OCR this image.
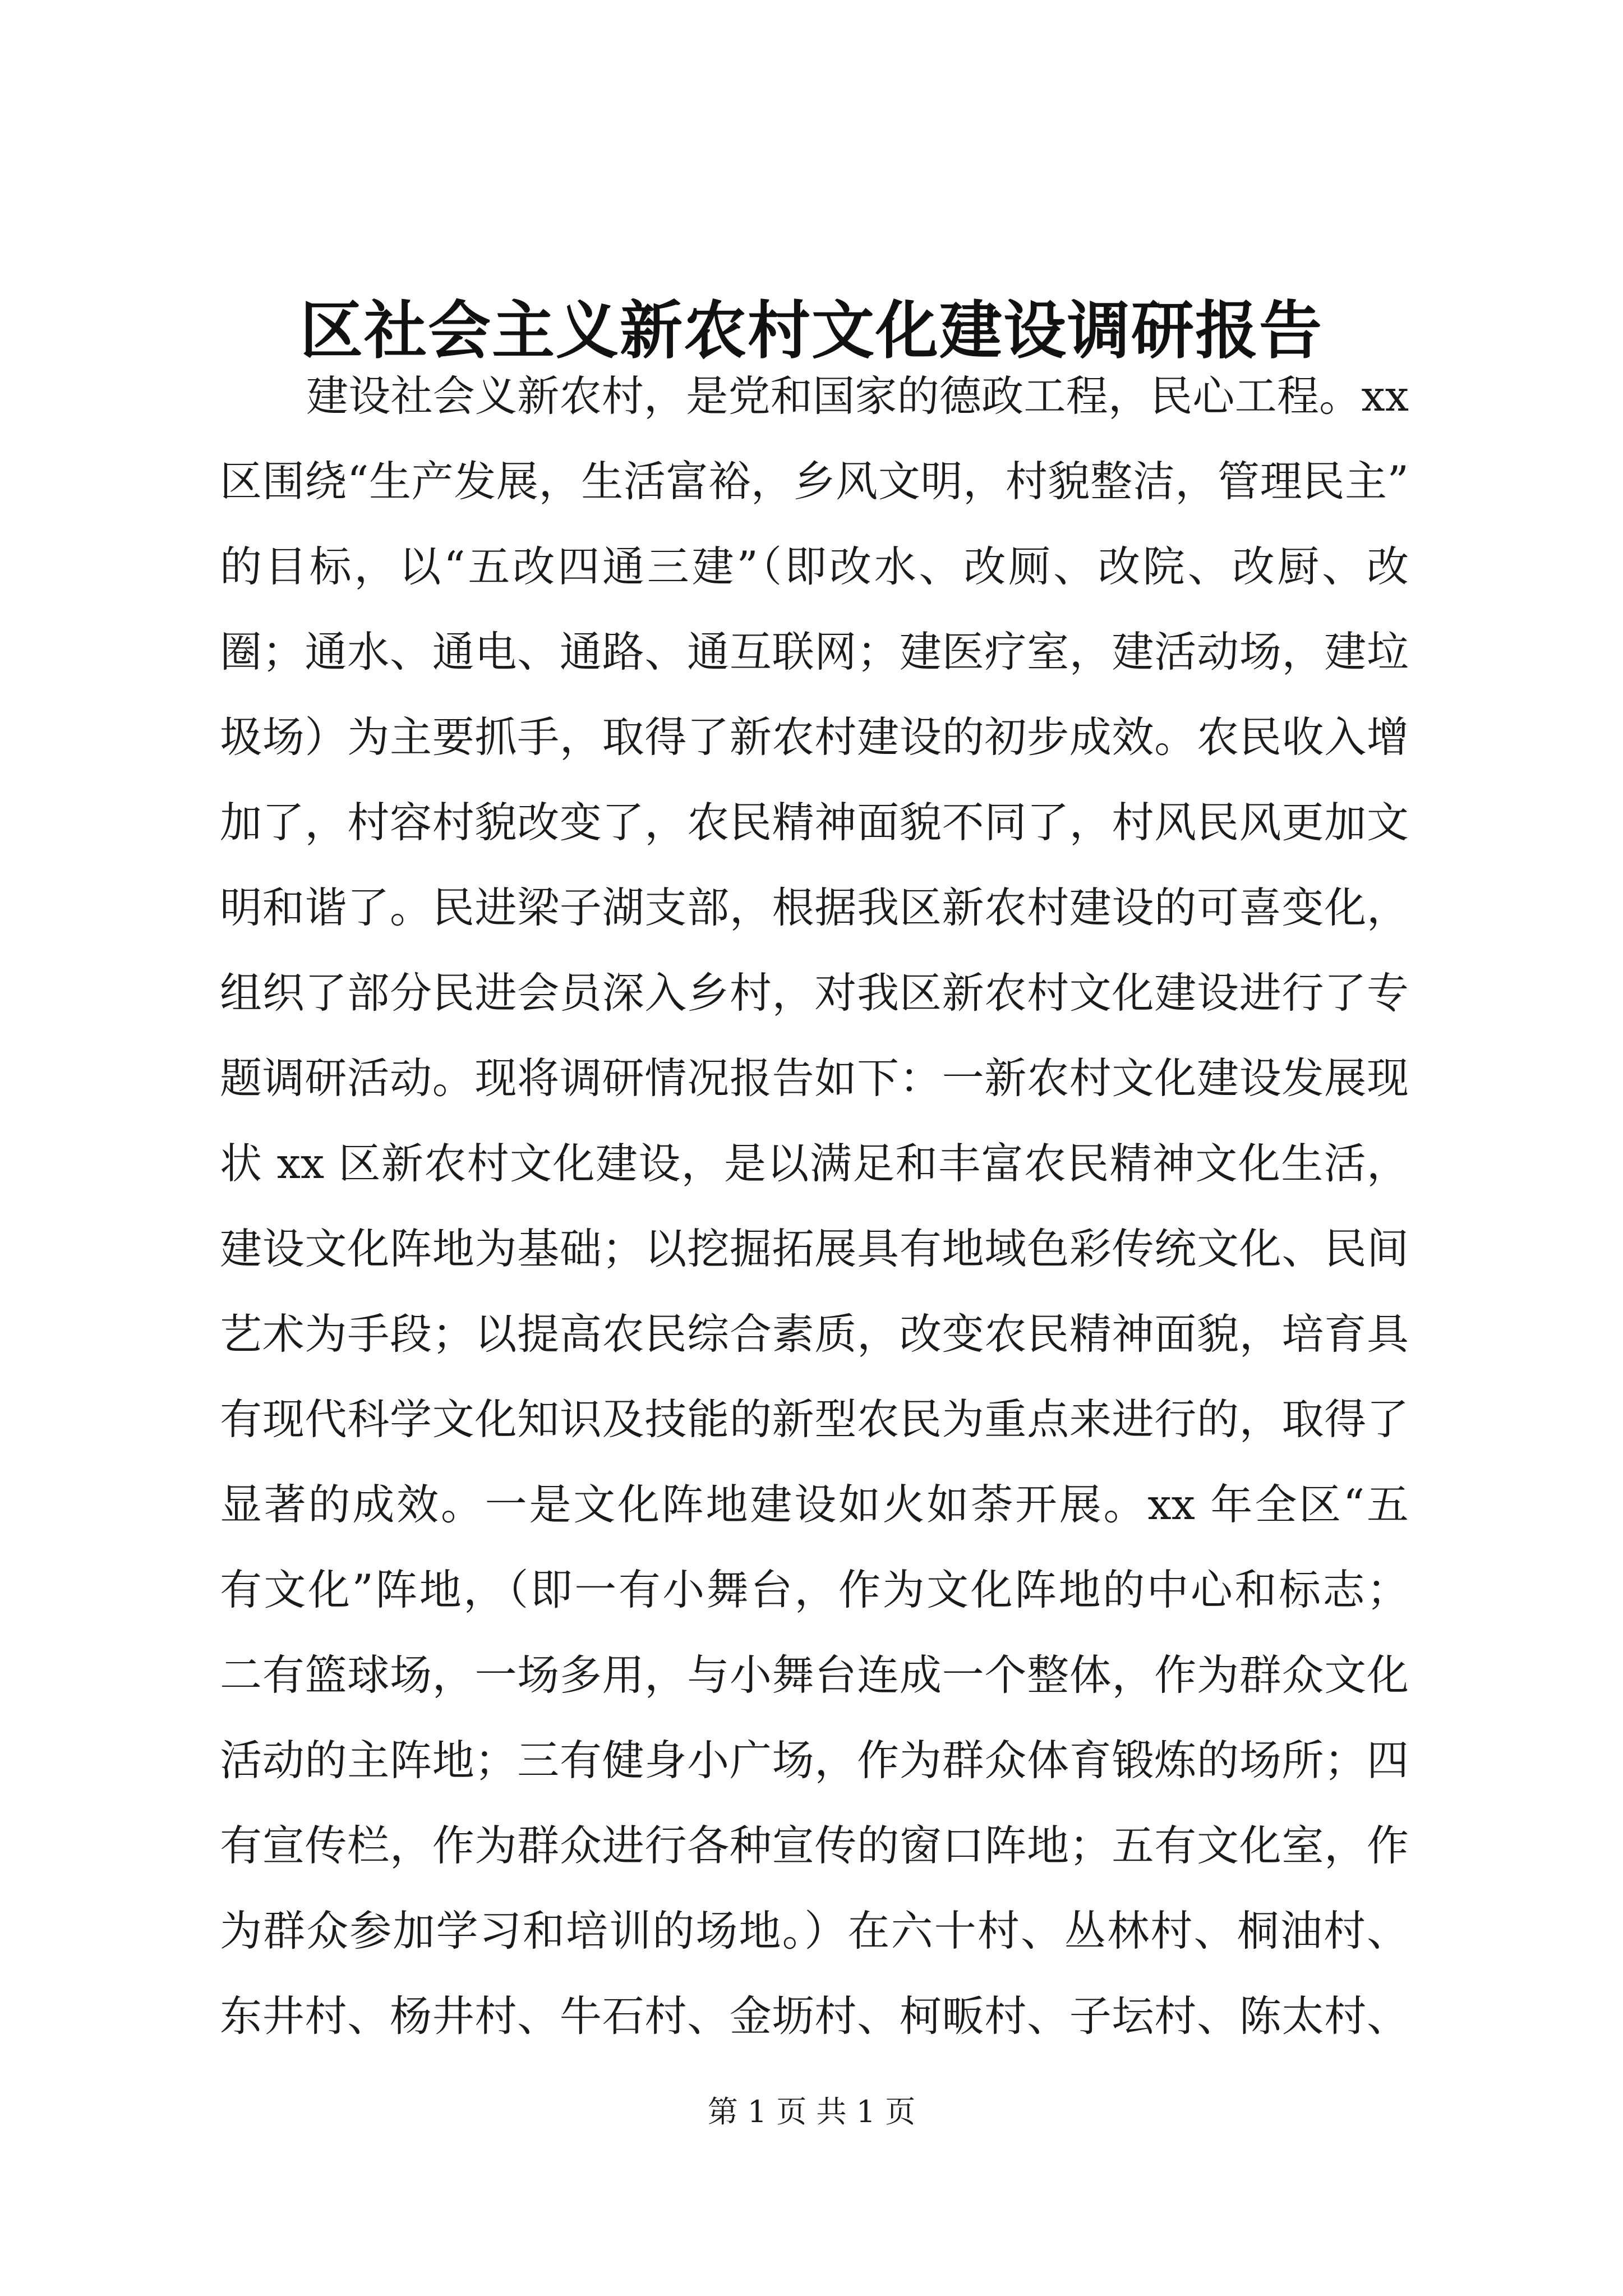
区社会主义新农村文化建设调研报告
建设社会义新农村，是党和国家的德政工程，民心工程。xx
区围绕“生产发展，生活富裕，乡风文明，村貌整洁，管理民主”
的目标，以“五改四通三建”（即改水、改厕、改院、改厨、改
圈；通水、通电、通路、通互联网；建医疗室，建活动场，建垃
圾场）为主要抓手，取得了新农村建设的初步成效。农民收入增
加了，村容村貌改变了，农民精神面貌不同了，村风民风更加文
明和谐了。民进梁子湖支部，根据我区新农村建设的可喜变化，
组织了部分民进会员深入乡村，对我区新农村文化建设进行了专
题调研活动。现将调研情况报告如下：一新农村文化建设发展现
状 xx 区新农村文化建设，是以满足和丰富农民精神文化生活，
建设文化阵地为基础；以挖掘拓展具有地域色彩传统文化、民间
艺术为手段；以提高农民综合素质，改变农民精神面貌，培育具
有现代科学文化知识及技能的新型农民为重点来进行的，取得了
显著的成效。一是文化阵地建设如火如荼开展。xx 年全区“五
有文化”阵地，（即一有小舞台，作为文化阵地的中心和标志；
二有篮球场，一场多用，与小舞台连成一个整体，作为群众文化
活动的主阵地；三有健身小广场，作为群众体育锻炼的场所；四
有宣传栏，作为群众进行各种宣传的窗口阵地；五有文化室，作
为群众参加学习和培训的场地。）在六十村、丛林村、桐油村、
东井村、杨井村、牛石村、金坜村、柯畈村、子坛村、陈太村、
第 1 页 共 1 页
